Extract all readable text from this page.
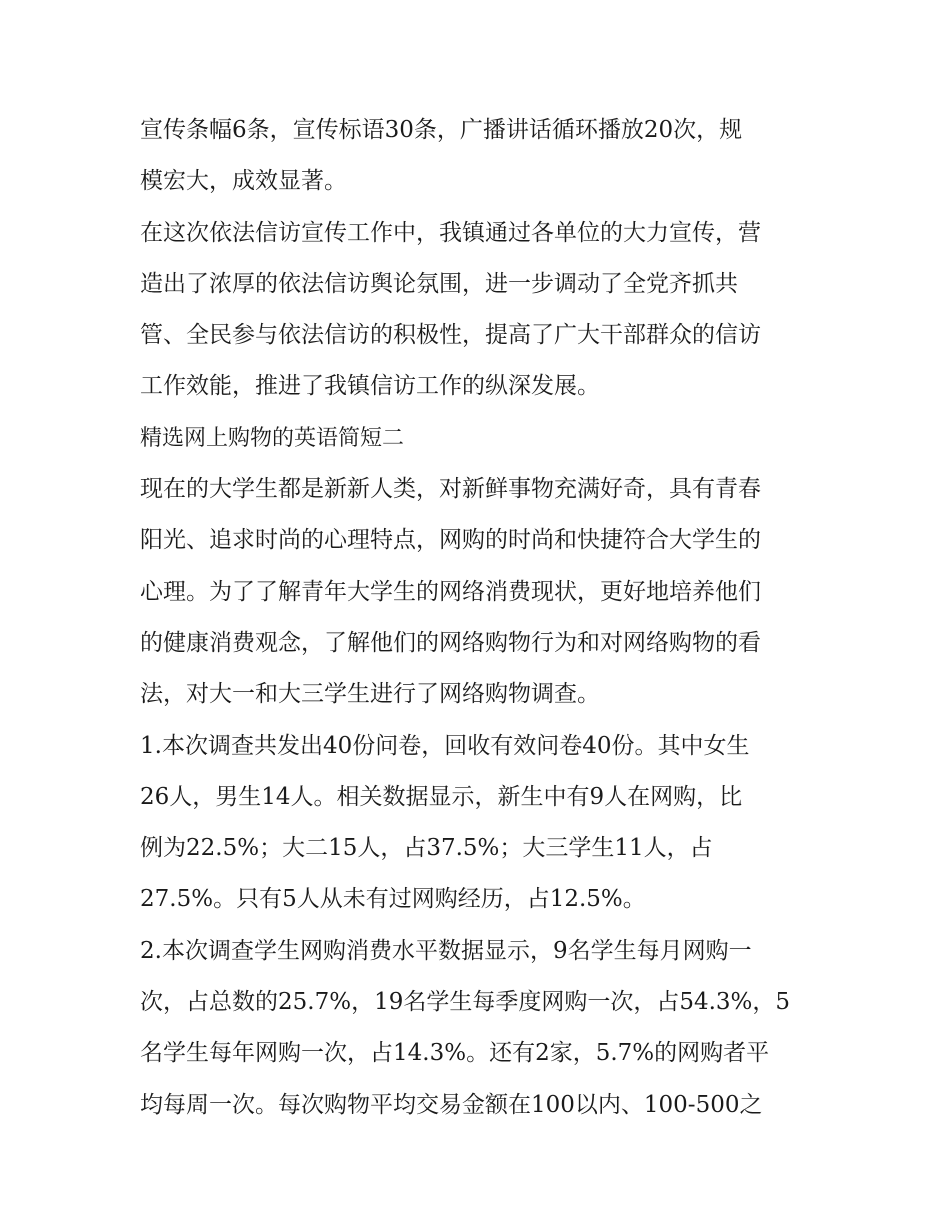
宣传条幅6条，宣传标语30条，广播讲话循环播放20次，规
模宏大，成效显著。
在这次依法信访宣传工作中，我镇通过各单位的大力宣传，营
造出了浓厚的依法信访舆论氛围，进一步调动了全党齐抓共
管、全民参与依法信访的积极性，提高了广大干部群众的信访
工作效能，推进了我镇信访工作的纵深发展。
精选网上购物的英语简短二
现在的大学生都是新新人类，对新鲜事物充满好奇，具有青春
阳光、追求时尚的心理特点，网购的时尚和快捷符合大学生的
心理。为了了解青年大学生的网络消费现状，更好地培养他们
的健康消费观念，了解他们的网络购物行为和对网络购物的看
法，对大一和大三学生进行了网络购物调查。
1.本次调查共发出40份问卷，回收有效问卷40份。其中女生
26人，男生14人。相关数据显示，新生中有9人在网购，比
例为22.5%；大二15人，占37.5%；大三学生11人，占
27.5%。只有5人从未有过网购经历，占12.5%。
2.本次调查学生网购消费水平数据显示，9名学生每月网购一
次，占总数的25.7%，19名学生每季度网购一次，占54.3%，5
名学生每年网购一次，占14.3%。还有2家，5.7%的网购者平
均每周一次。每次购物平均交易金额在100以内、100-500之
